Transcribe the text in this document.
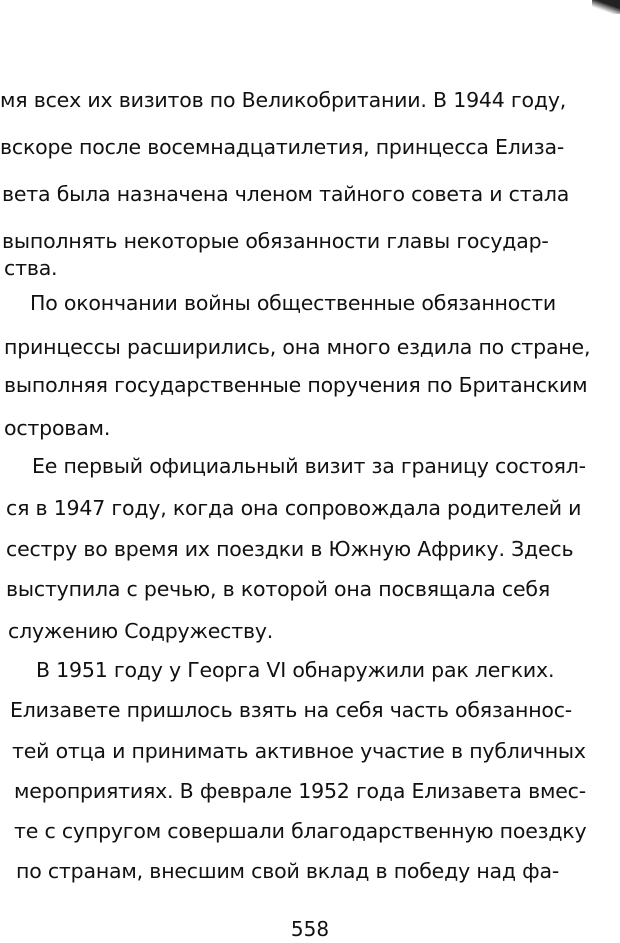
мя всех их визитов по Великобритании. В 1944 году,
вскоре после восемнадцатилетия, принцесса Елиза-
вета была назначена членом тайного совета и стала
выполнять некоторые обязанности главы государ-
ства.
По окончании войны общественные обязанности
принцессы расширились, она много ездила по стране,
выполняя государственные поручения по Британским
островам.
Ее первый официальный визит за границу состоял-
ся в 1947 году, когда она сопровождала родителей и
сестру во время их поездки в Южную Африку. Здесь
выступила с речью, в которой она посвящала себя
служению Содружеству.
В 1951 году у Георга VI обнаружили рак легких.
Елизавете пришлось взять на себя часть обязаннос-
тей отца и принимать активное участие в публичных
мероприятиях. В феврале 1952 года Елизавета вмес-
те с супругом совершали благодарственную поездку
по странам, внесшим свой вклад в победу над фа-
558
